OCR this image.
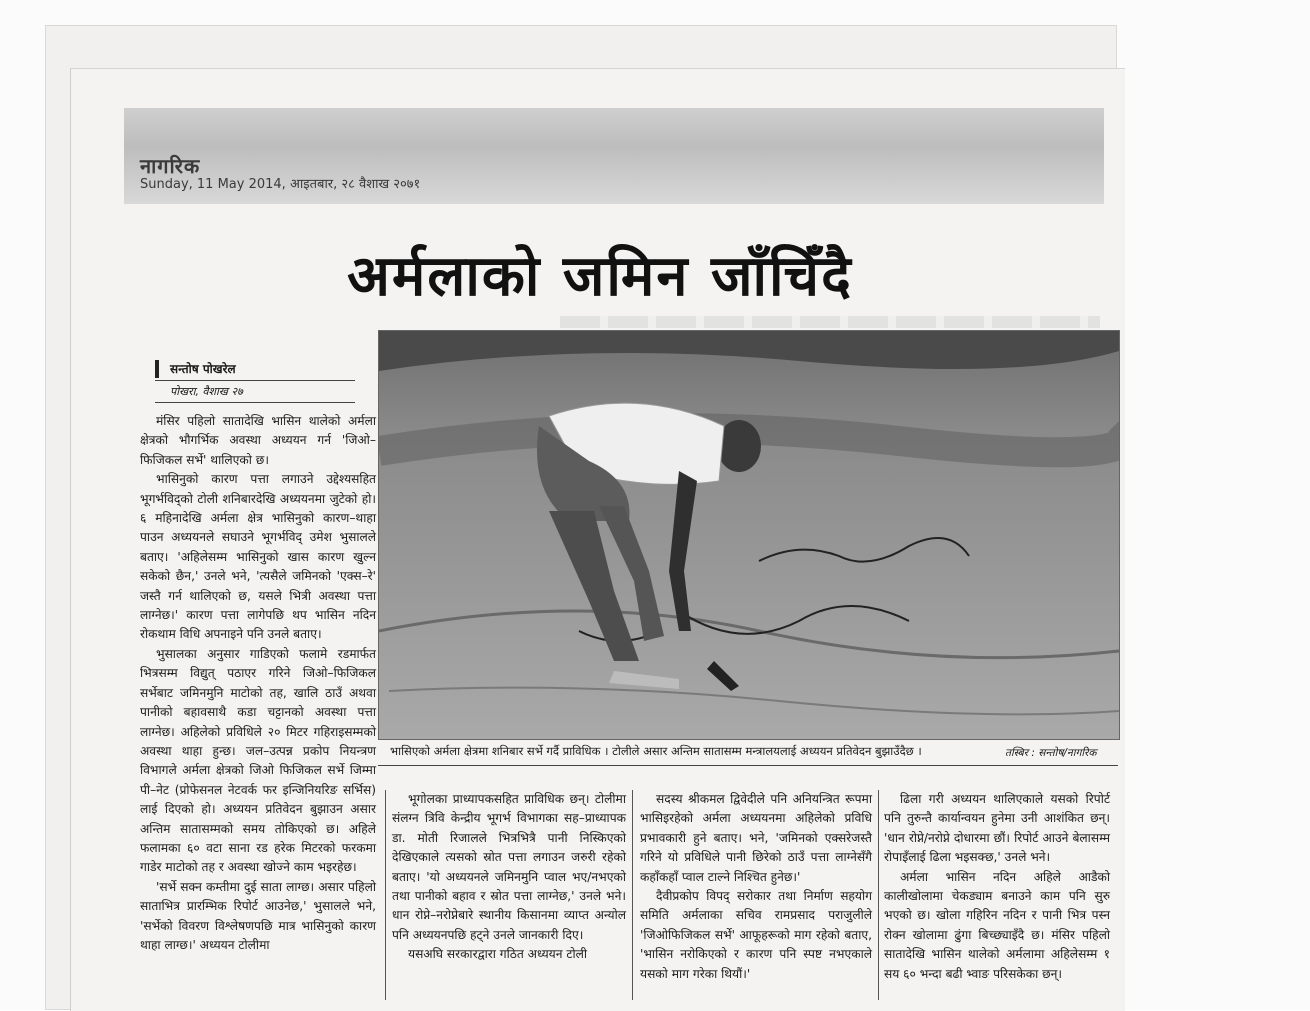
नागरिक
Sunday, 11 May 2014, आइतबार, २८ वैशाख २०७१
अर्मलाको जमिन जाँचिँदै
सन्तोष पोखरेल
पोखरा, वैशाख २७
भासिएको अर्मला क्षेत्रमा शनिबार सर्भे गर्दै प्राविधिक । टोलीले असार अन्तिम सातासम्म मन्त्रालयलाई अध्ययन प्रतिवेदन बुझाउँदैछ ।	तस्बिर : सन्तोष/नागरिक

मंसिर पहिलो सातादेखि भासिन थालेको अर्मला क्षेत्रको भौगर्भिक अवस्था अध्ययन गर्न 'जिओ–फिजिकल सर्भे' थालिएको छ।

भासिनुको कारण पत्ता लगाउने उद्देश्यसहित भूगर्भविद्को टोली शनिबारदेखि अध्ययनमा जुटेको हो। ६ महिनादेखि अर्मला क्षेत्र भासिनुको कारण–थाहा पाउन अध्ययनले सघाउने भूगर्भविद् उमेश भुसालले बताए। 'अहिलेसम्म भासिनुको खास कारण खुल्न सकेको छैन,' उनले भने, 'त्यसैले जमिनको 'एक्स–रे' जस्तै गर्न थालिएको छ, यसले भित्री अवस्था पत्ता लाग्नेछ।' कारण पत्ता लागेपछि थप भासिन नदिन रोकथाम विधि अपनाइने पनि उनले बताए।

भुसालका अनुसार गाडिएको फलामे रडमार्फत भित्रसम्म विद्युत् पठाएर गरिने जिओ–फिजिकल सर्भेबाट जमिनमुनि माटोको तह, खालि ठाउँ अथवा पानीको बहावसाथै कडा चट्टानको अवस्था पत्ता लाग्नेछ। अहिलेको प्रविधिले २० मिटर गहिराइसम्मको अवस्था थाहा हुन्छ। जल–उत्पन्न प्रकोप नियन्त्रण विभागले अर्मला क्षेत्रको जिओ फिजिकल सर्भे जिम्मा पी–नेट (प्रोफेसनल नेटवर्क फर इन्जिनियरिङ सर्भिस) लाई दिएको हो। अध्ययन प्रतिवेदन बुझाउन असार अन्तिम सातासम्मको समय तोकिएको छ। अहिले फलामका ६० वटा साना रड हरेक मिटरको फरकमा गाडेर माटोको तह र अवस्था खोज्ने काम भइरहेछ।

'सर्भे सक्न कम्तीमा दुई साता लाग्छ। असार पहिलो साताभित्र प्रारम्भिक रिपोर्ट आउनेछ,' भुसालले भने, 'सर्भेको विवरण विश्लेषणपछि मात्र भासिनुको कारण थाहा लाग्छ।' अध्ययन टोलीमा

भूगोलका प्राध्यापकसहित प्राविधिक छन्। टोलीमा संलग्न त्रिवि केन्द्रीय भूगर्भ विभागका सह–प्राध्यापक डा. मोती रिजालले भित्रभित्रै पानी निस्किएको देखिएकाले त्यसको स्रोत पत्ता लगाउन जरुरी रहेको बताए। 'यो अध्ययनले जमिनमुनि प्वाल भए/नभएको तथा पानीको बहाव र स्रोत पत्ता लाग्नेछ,' उनले भने। धान रोप्ने–नरोप्नेबारे स्थानीय किसानमा व्याप्त अन्योल पनि अध्ययनपछि हट्ने उनले जानकारी दिए।

यसअघि सरकारद्वारा गठित अध्ययन टोली

सदस्य श्रीकमल द्विवेदीले पनि अनियन्त्रित रूपमा भासिइरहेको अर्मला अध्ययनमा अहिलेको प्रविधि प्रभावकारी हुने बताए। भने, 'जमिनको एक्सरेजस्तै गरिने यो प्रविधिले पानी छिरेको ठाउँ पत्ता लाग्नेसँगै कहाँकहाँ प्वाल टाल्ने निश्चित हुनेछ।'

दैवीप्रकोप विपद् सरोकार तथा निर्माण सहयोग समिति अर्मलाका सचिव रामप्रसाद पराजुलीले 'जिओफिजिकल सर्भे' आफूहरूको माग रहेको बताए, 'भासिन नरोकिएको र कारण पनि स्पष्ट नभएकाले यसको माग गरेका थियौं।'

ढिला गरी अध्ययन थालिएकाले यसको रिपोर्ट पनि तुरुन्तै कार्यान्वयन हुनेमा उनी आशंकित छन्। 'धान रोप्ने/नरोप्ने दोधारमा छौं। रिपोर्ट आउने बेलासम्म रोपाइँलाई ढिला भइसक्छ,' उनले भने।

अर्मला भासिन नदिन अहिले आडैको कालीखोलामा चेकड्याम बनाउने काम पनि सुरु भएको छ। खोला गहिरिन नदिन र पानी भित्र पस्न रोक्न खोलामा ढुंगा बिच्छ्याइँदै छ। मंसिर पहिलो सातादेखि भासिन थालेको अर्मलामा अहिलेसम्म १ सय ६० भन्दा बढी भ्वाङ परिसकेका छन्।
